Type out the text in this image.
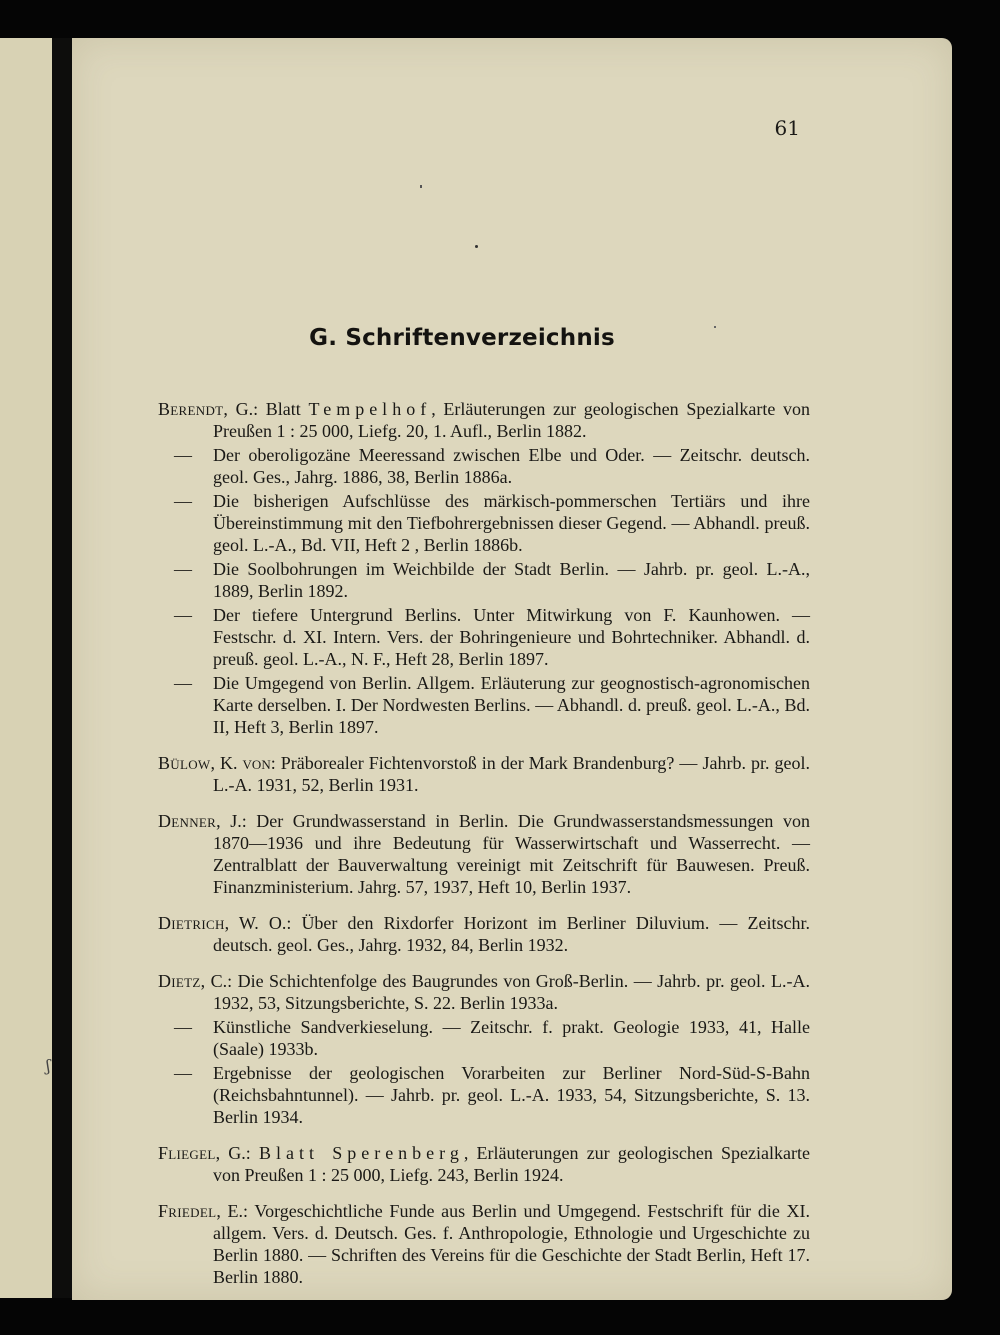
ʃ
61
G. Schriftenverzeichnis
Berendt, G.: Blatt Tempelhof, Erläuterungen zur geologischen Spezialkarte von Preußen 1 : 25 000, Liefg. 20, 1. Aufl., Berlin 1882.
— Der oberoligozäne Meeressand zwischen Elbe und Oder. — Zeitschr. deutsch. geol. Ges., Jahrg. 1886, 38, Berlin 1886a.
— Die bisherigen Aufschlüsse des märkisch-pommerschen Tertiärs und ihre Übereinstimmung mit den Tiefbohrergebnissen dieser Gegend. — Abhandl. preuß. geol. L.-A., Bd. VII, Heft 2 , Berlin 1886b.
— Die Soolbohrungen im Weichbilde der Stadt Berlin. — Jahrb. pr. geol. L.-A., 1889, Berlin 1892.
— Der tiefere Untergrund Berlins. Unter Mitwirkung von F. Kaunhowen. — Festschr. d. XI. Intern. Vers. der Bohringenieure und Bohrtechniker. Abhandl. d. preuß. geol. L.-A., N. F., Heft 28, Berlin 1897.
— Die Umgegend von Berlin. Allgem. Erläuterung zur geognostisch-agronomischen Karte derselben. I. Der Nordwesten Berlins. — Abhandl. d. preuß. geol. L.-A., Bd. II, Heft 3, Berlin 1897.
Bülow, K. von: Präborealer Fichtenvorstoß in der Mark Brandenburg? — Jahrb. pr. geol. L.-A. 1931, 52, Berlin 1931.
Denner, J.: Der Grundwasserstand in Berlin. Die Grundwasserstandsmessungen von 1870—1936 und ihre Bedeutung für Wasserwirtschaft und Wasserrecht. — Zentralblatt der Bauverwaltung vereinigt mit Zeitschrift für Bauwesen. Preuß. Finanzministerium. Jahrg. 57, 1937, Heft 10, Berlin 1937.
Dietrich, W. O.: Über den Rixdorfer Horizont im Berliner Diluvium. — Zeitschr. deutsch. geol. Ges., Jahrg. 1932, 84, Berlin 1932.
Dietz, C.: Die Schichtenfolge des Baugrundes von Groß-Berlin. — Jahrb. pr. geol. L.-A. 1932, 53, Sitzungsberichte, S. 22. Berlin 1933a.
— Künstliche Sandverkieselung. — Zeitschr. f. prakt. Geologie 1933, 41, Halle (Saale) 1933b.
— Ergebnisse der geologischen Vorarbeiten zur Berliner Nord-Süd-S-Bahn (Reichsbahntunnel). — Jahrb. pr. geol. L.-A. 1933, 54, Sitzungsberichte, S. 13. Berlin 1934.
Fliegel, G.: Blatt Sperenberg, Erläuterungen zur geologischen Spezialkarte von Preußen 1 : 25 000, Liefg. 243, Berlin 1924.
Friedel, E.: Vorgeschichtliche Funde aus Berlin und Umgegend. Festschrift für die XI. allgem. Vers. d. Deutsch. Ges. f. Anthropologie, Ethnologie und Urgeschichte zu Berlin 1880. — Schriften des Vereins für die Geschichte der Stadt Berlin, Heft 17. Berlin 1880.
